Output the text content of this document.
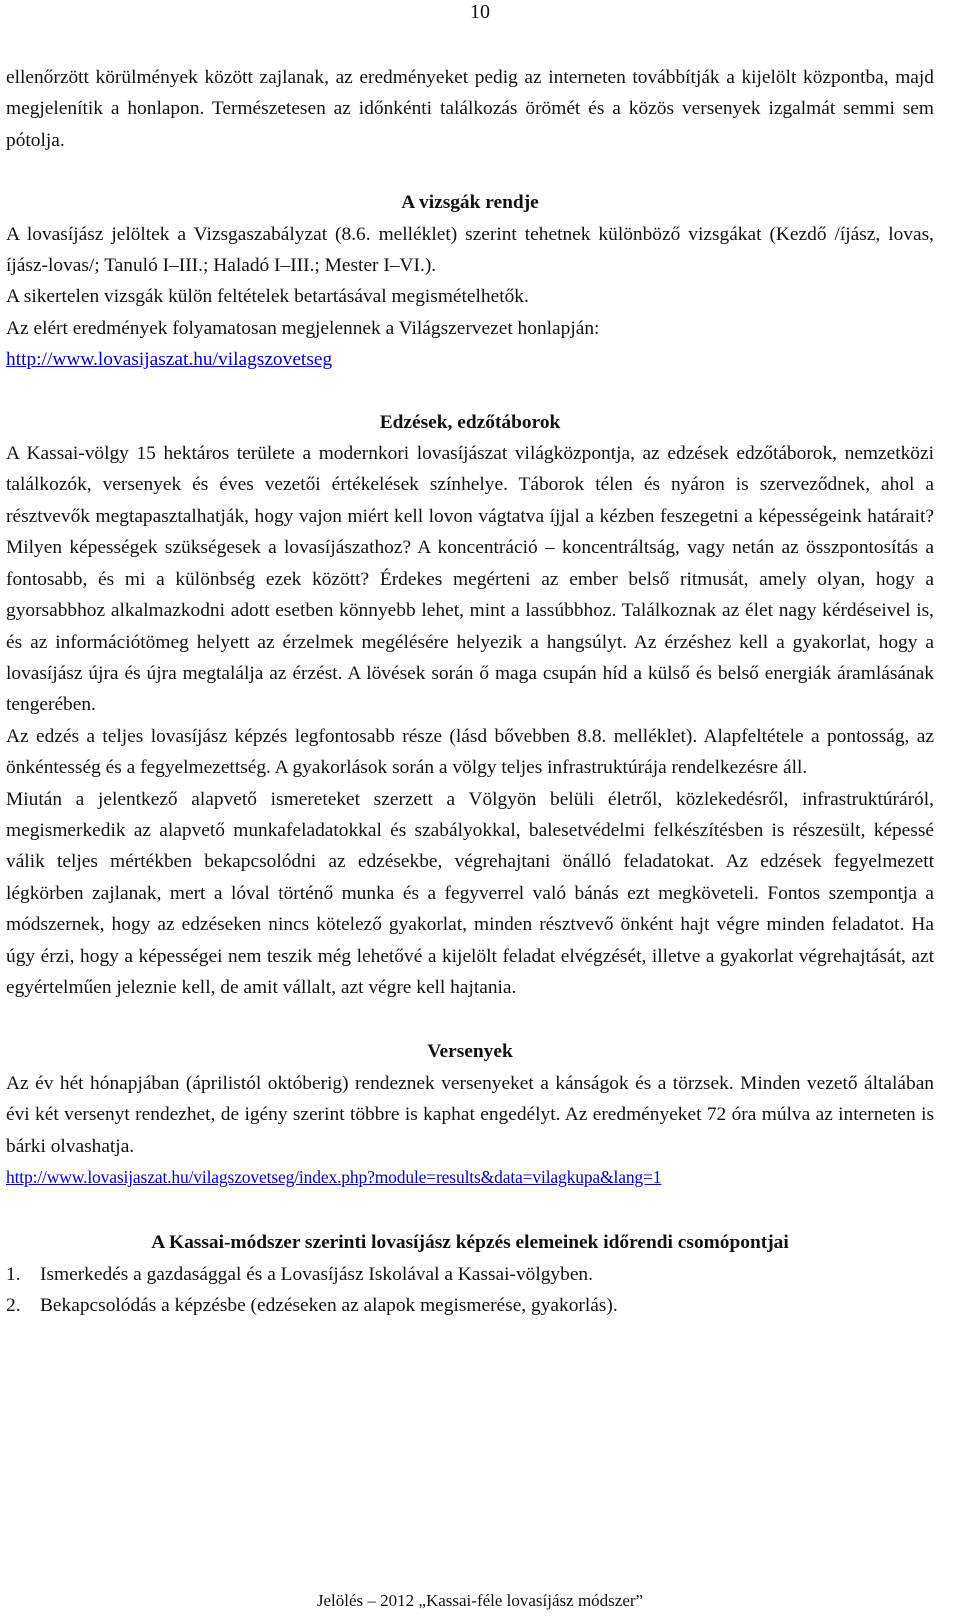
10

ellenőrzött körülmények között zajlanak, az eredményeket pedig az interneten továbbítják a kijelölt központba, majd megjelenítik a honlapon. Természetesen az időnkénti találkozás örömét és a közös versenyek izgalmát semmi sem pótolja.

A vizsgák rendje

A lovasíjász jelöltek a Vizsgaszabályzat (8.6. melléklet) szerint tehetnek különböző vizsgákat (Kezdő /íjász, lovas, íjász-lovas/; Tanuló I–III.; Haladó I–III.; Mester I–VI.).

A sikertelen vizsgák külön feltételek betartásával megismételhetők.

Az elért eredmények folyamatosan megjelennek a Világszervezet honlapján:

http://www.lovasijaszat.hu/vilagszovetseg

Edzések, edzőtáborok

A Kassai-völgy 15 hektáros területe a modernkori lovasíjászat világközpontja, az edzések edzőtáborok, nemzetközi találkozók, versenyek és éves vezetői értékelések színhelye. Táborok télen és nyáron is szerveződnek, ahol a résztvevők megtapasztalhatják, hogy vajon miért kell lovon vágtatva íjjal a kézben feszegetni a képességeink határait? Milyen képességek szükségesek a lovasíjászathoz? A koncentráció – koncentráltság, vagy netán az összpontosítás a fontosabb, és mi a különbség ezek között? Érdekes megérteni az ember belső ritmusát, amely olyan, hogy a gyorsabbhoz alkalmazkodni adott esetben könnyebb lehet, mint a lassúbbhoz. Találkoznak az élet nagy kérdéseivel is, és az információtömeg helyett az érzelmek megélésére helyezik a hangsúlyt. Az érzéshez kell a gyakorlat, hogy a lovasíjász újra és újra megtalálja az érzést. A lövések során ő maga csupán híd a külső és belső energiák áramlásának tengerében.

Az edzés a teljes lovasíjász képzés legfontosabb része (lásd bővebben 8.8. melléklet). Alapfeltétele a pontosság, az önkéntesség és a fegyelmezettség. A gyakorlások során a völgy teljes infrastruktúrája rendelkezésre áll.

Miután a jelentkező alapvető ismereteket szerzett a Völgyön belüli életről, közlekedésről, infrastruktúráról, megismerkedik az alapvető munkafeladatokkal és szabályokkal, balesetvédelmi felkészítésben is részesült, képessé válik teljes mértékben bekapcsolódni az edzésekbe, végrehajtani önálló feladatokat. Az edzések fegyelmezett légkörben zajlanak, mert a lóval történő munka és a fegyverrel való bánás ezt megköveteli. Fontos szempontja a módszernek, hogy az edzéseken nincs kötelező gyakorlat, minden résztvevő önként hajt végre minden feladatot. Ha úgy érzi, hogy a képességei nem teszik még lehetővé a kijelölt feladat elvégzését, illetve a gyakorlat végrehajtását, azt egyértelműen jeleznie kell, de amit vállalt, azt végre kell hajtania.

Versenyek

Az év hét hónapjában (áprilistól októberig) rendeznek versenyeket a kánságok és a törzsek. Minden vezető általában évi két versenyt rendezhet, de igény szerint többre is kaphat engedélyt. Az eredményeket 72 óra múlva az interneten is bárki olvashatja.

http://www.lovasijaszat.hu/vilagszovetseg/index.php?module=results&data=vilagkupa&lang=1

A Kassai-módszer szerinti lovasíjász képzés elemeinek időrendi csomópontjai

1.	Ismerkedés a gazdasággal és a Lovasíjász Iskolával a Kassai-völgyben.
2.	Bekapcsolódás a képzésbe (edzéseken az alapok megismerése, gyakorlás).
Jelölés – 2012 „Kassai-féle lovasíjász módszer”
